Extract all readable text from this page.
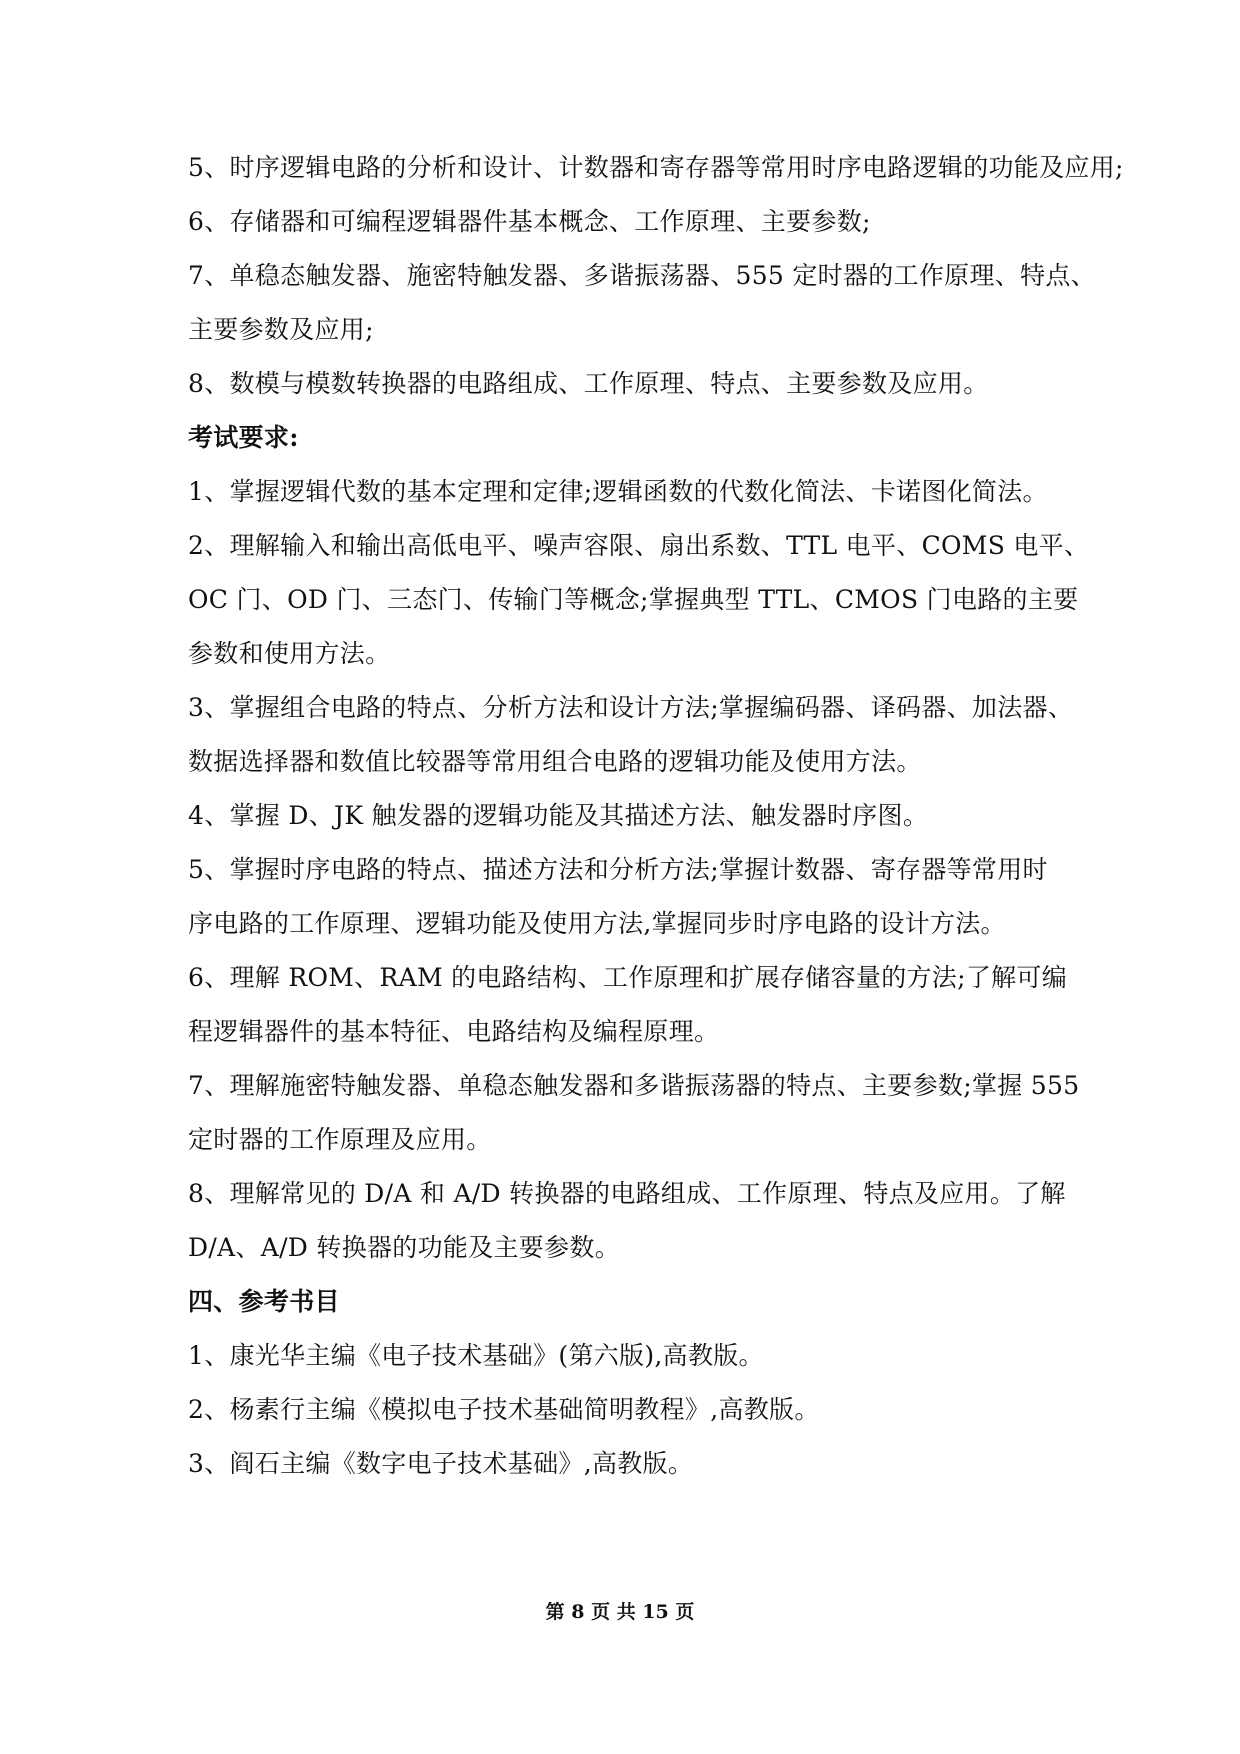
5、时序逻辑电路的分析和设计、计数器和寄存器等常用时序电路逻辑的功能及应用;
6、存储器和可编程逻辑器件基本概念、工作原理、主要参数;
7、单稳态触发器、施密特触发器、多谐振荡器、555 定时器的工作原理、特点、
主要参数及应用;
8、数模与模数转换器的电路组成、工作原理、特点、主要参数及应用。
考试要求:
1、掌握逻辑代数的基本定理和定律;逻辑函数的代数化简法、卡诺图化简法。
2、理解输入和输出高低电平、噪声容限、扇出系数、TTL 电平、COMS 电平、
OC 门、OD 门、三态门、传输门等概念;掌握典型 TTL、CMOS 门电路的主要
参数和使用方法。
3、掌握组合电路的特点、分析方法和设计方法;掌握编码器、译码器、加法器、
数据选择器和数值比较器等常用组合电路的逻辑功能及使用方法。
4、掌握 D、JK 触发器的逻辑功能及其描述方法、触发器时序图。
5、掌握时序电路的特点、描述方法和分析方法;掌握计数器、寄存器等常用时
序电路的工作原理、逻辑功能及使用方法,掌握同步时序电路的设计方法。
6、理解 ROM、RAM 的电路结构、工作原理和扩展存储容量的方法;了解可编
程逻辑器件的基本特征、电路结构及编程原理。
7、理解施密特触发器、单稳态触发器和多谐振荡器的特点、主要参数;掌握 555
定时器的工作原理及应用。
8、理解常见的 D/A 和 A/D 转换器的电路组成、工作原理、特点及应用。了解
D/A、A/D 转换器的功能及主要参数。
四、参考书目
1、康光华主编《电子技术基础》(第六版),高教版。
2、杨素行主编《模拟电子技术基础简明教程》,高教版。
3、阎石主编《数字电子技术基础》,高教版。
第 8 页 共 15 页
